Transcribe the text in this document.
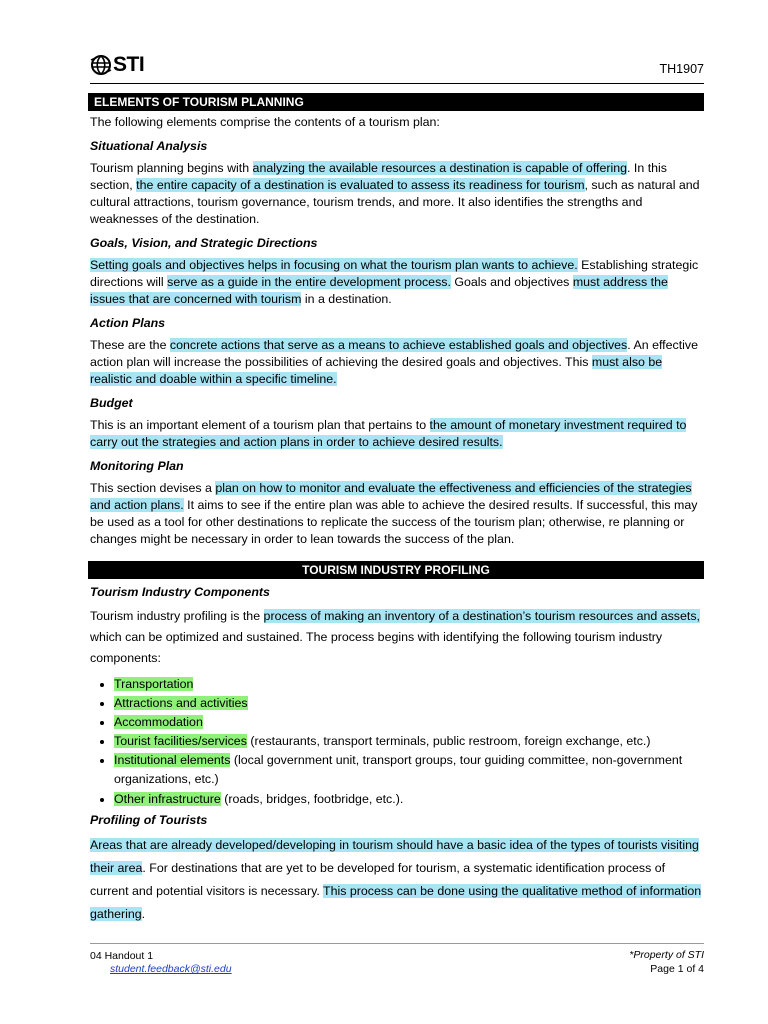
STI	TH1907
ELEMENTS OF TOURISM PLANNING

The following elements comprise the contents of a tourism plan:

Situational Analysis

Tourism planning begins with analyzing the available resources a destination is capable of offering. In this section, the entire capacity of a destination is evaluated to assess its readiness for tourism, such as natural and cultural attractions, tourism governance, tourism trends, and more. It also identifies the strengths and weaknesses of the destination.

Goals, Vision, and Strategic Directions

Setting goals and objectives helps in focusing on what the tourism plan wants to achieve. Establishing strategic directions will serve as a guide in the entire development process. Goals and objectives must address the issues that are concerned with tourism in a destination.

Action Plans

These are the concrete actions that serve as a means to achieve established goals and objectives. An effective action plan will increase the possibilities of achieving the desired goals and objectives. This must also be realistic and doable within a specific timeline.

Budget

This is an important element of a tourism plan that pertains to the amount of monetary investment required to carry out the strategies and action plans in order to achieve desired results.

Monitoring Plan

This section devises a plan on how to monitor and evaluate the effectiveness and efficiencies of the strategies and action plans. It aims to see if the entire plan was able to achieve the desired results. If successful, this may be used as a tool for other destinations to replicate the success of the tourism plan; otherwise, re planning or changes might be necessary in order to lean towards the success of the plan.

TOURISM INDUSTRY PROFILING

Tourism Industry Components

Tourism industry profiling is the process of making an inventory of a destination’s tourism resources and assets, which can be optimized and sustained. The process begins with identifying the following tourism industry components:

• Transportation
• Attractions and activities
• Accommodation
• Tourist facilities/services (restaurants, transport terminals, public restroom, foreign exchange, etc.)
• Institutional elements (local government unit, transport groups, tour guiding committee, non-government organizations, etc.)
• Other infrastructure (roads, bridges, footbridge, etc.).

Profiling of Tourists

Areas that are already developed/developing in tourism should have a basic idea of the types of tourists visiting their area. For destinations that are yet to be developed for tourism, a systematic identification process of current and potential visitors is necessary. This process can be done using the qualitative method of information gathering.

04 Handout 1
student.feedback@sti.edu
*Property of STI
Page 1 of 4
